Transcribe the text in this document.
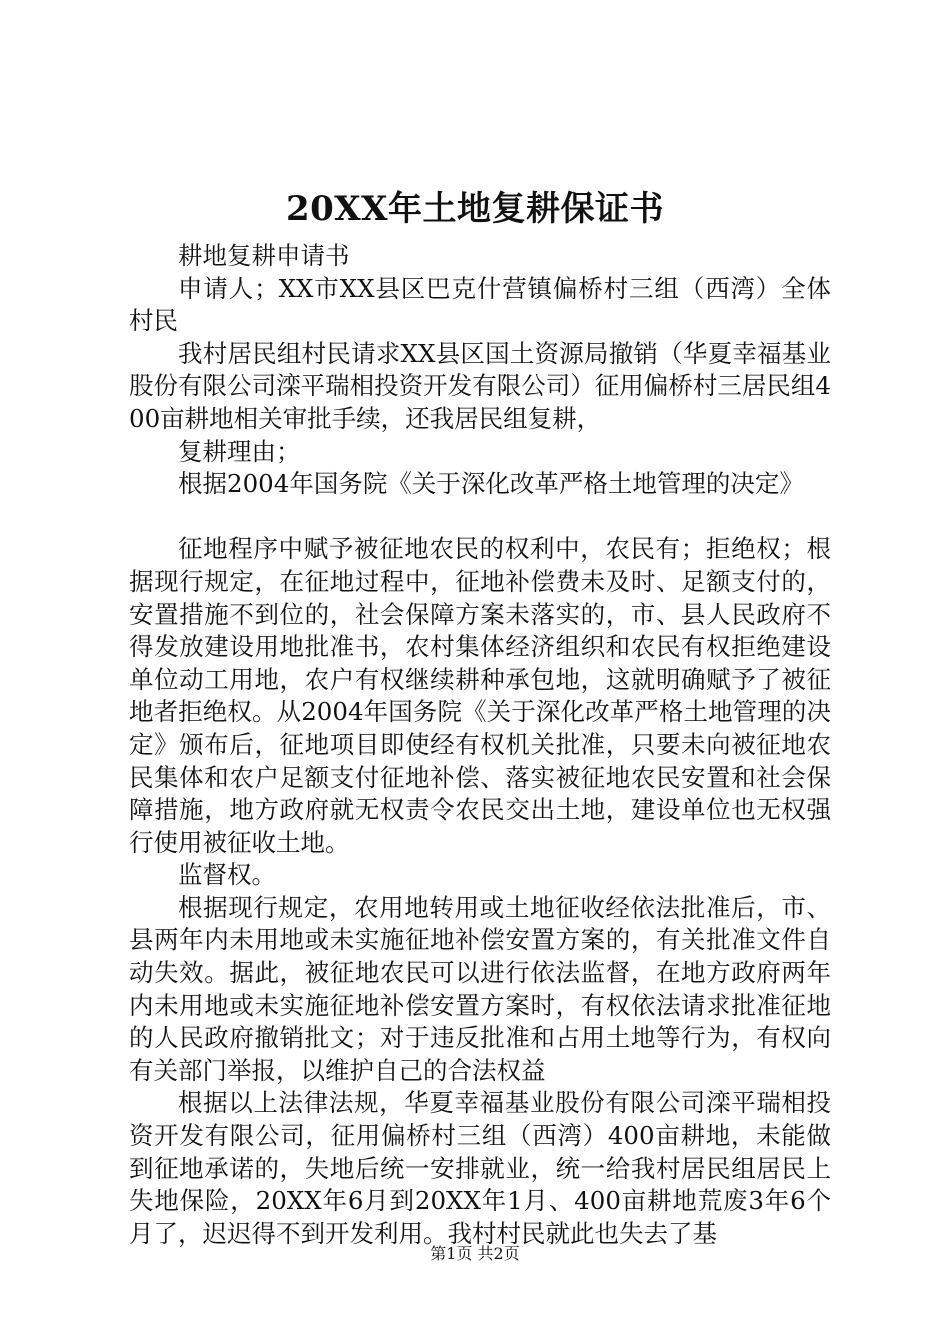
20XX年土地复耕保证书

耕地复耕申请书

申请人；XX市XX县区巴克什营镇偏桥村三组（西湾）全体村民

我村居民组村民请求XX县区国土资源局撤销（华夏幸福基业股份有限公司滦平瑞相投资开发有限公司）征用偏桥村三居民组400亩耕地相关审批手续，还我居民组复耕，

复耕理由；

根据2004年国务院《关于深化改革严格土地管理的决定》

征地程序中赋予被征地农民的权利中，农民有；拒绝权；根据现行规定，在征地过程中，征地补偿费未及时、足额支付的，安置措施不到位的，社会保障方案未落实的，市、县人民政府不得发放建设用地批准书，农村集体经济组织和农民有权拒绝建设单位动工用地，农户有权继续耕种承包地，这就明确赋予了被征地者拒绝权。从2004年国务院《关于深化改革严格土地管理的决定》颁布后，征地项目即使经有权机关批准，只要未向被征地农民集体和农户足额支付征地补偿、落实被征地农民安置和社会保障措施，地方政府就无权责令农民交出土地，建设单位也无权强行使用被征收土地。

监督权。

根据现行规定，农用地转用或土地征收经依法批准后，市、县两年内未用地或未实施征地补偿安置方案的，有关批准文件自动失效。据此，被征地农民可以进行依法监督，在地方政府两年内未用地或未实施征地补偿安置方案时，有权依法请求批准征地的人民政府撤销批文；对于违反批准和占用土地等行为，有权向有关部门举报，以维护自己的合法权益

根据以上法律法规，华夏幸福基业股份有限公司滦平瑞相投资开发有限公司，征用偏桥村三组（西湾）400亩耕地，未能做到征地承诺的，失地后统一安排就业，统一给我村居民组居民上失地保险，20XX年6月到20XX年1月、400亩耕地荒废3年6个月了，迟迟得不到开发利用。我村村民就此也失去了基

第1页 共2页
